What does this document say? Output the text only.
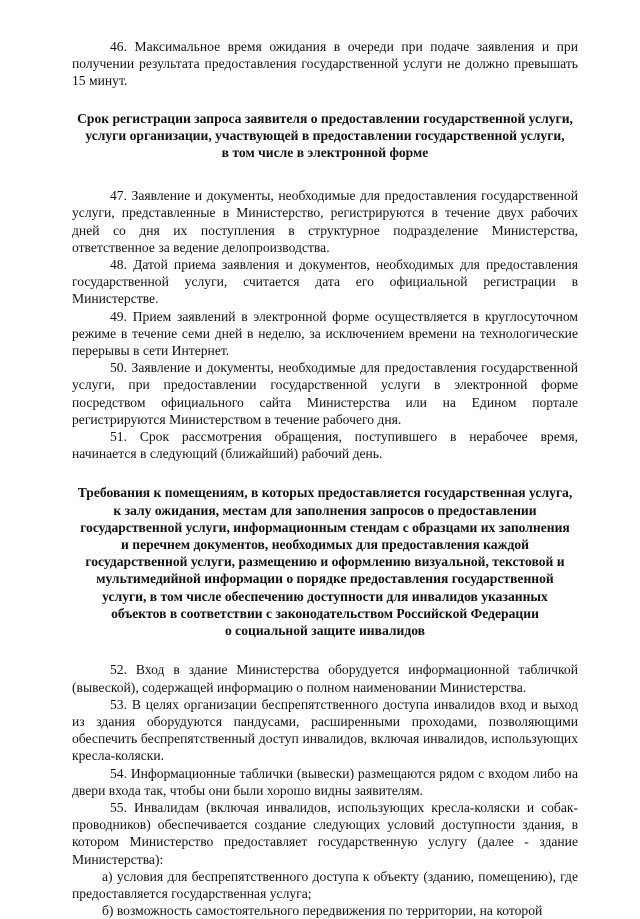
46. Максимальное время ожидания в очереди при подаче заявления и при получении результата предоставления государственной услуги не должно превышать 15 минут.

Срок регистрации запроса заявителя о предоставлении государственной услуги,
услуги организации, участвующей в предоставлении государственной услуги,
в том числе в электронной форме

47. Заявление и документы, необходимые для предоставления государственной услуги, представленные в Министерство, регистрируются в течение двух рабочих дней со дня их поступления в структурное подразделение Министерства, ответственное за ведение делопроизводства.

48. Датой приема заявления и документов, необходимых для предоставления государственной услуги, считается дата его официальной регистрации в Министерстве.

49. Прием заявлений в электронной форме осуществляется в круглосуточном режиме в течение семи дней в неделю, за исключением времени на технологические перерывы в сети Интернет.

50. Заявление и документы, необходимые для предоставления государственной услуги, при предоставлении государственной услуги в электронной форме посредством официального сайта Министерства или на Едином портале регистрируются Министерством в течение рабочего дня.

51. Срок рассмотрения обращения, поступившего в нерабочее время, начинается в следующий (ближайший) рабочий день.

Требования к помещениям, в которых предоставляется государственная услуга,
к залу ожидания, местам для заполнения запросов о предоставлении
государственной услуги, информационным стендам с образцами их заполнения
и перечнем документов, необходимых для предоставления каждой
государственной услуги, размещению и оформлению визуальной, текстовой и
мультимедийной информации о порядке предоставления государственной
услуги, в том числе обеспечению доступности для инвалидов указанных
объектов в соответствии с законодательством Российской Федерации
о социальной защите инвалидов

52. Вход в здание Министерства оборудуется информационной табличкой (вывеской), содержащей информацию о полном наименовании Министерства.

53. В целях организации беспрепятственного доступа инвалидов вход и выход из здания оборудуются пандусами, расширенными проходами, позволяющими обеспечить беспрепятственный доступ инвалидов, включая инвалидов, использующих кресла-коляски.

54. Информационные таблички (вывески) размещаются рядом с входом либо на двери входа так, чтобы они были хорошо видны заявителям.

55. Инвалидам (включая инвалидов, использующих кресла-коляски и собак-проводников) обеспечивается создание следующих условий доступности здания, в котором Министерство предоставляет государственную услугу (далее - здание Министерства):

а) условия для беспрепятственного доступа к объекту (зданию, помещению), где предоставляется государственная услуга;

б) возможность самостоятельного передвижения по территории, на которой
